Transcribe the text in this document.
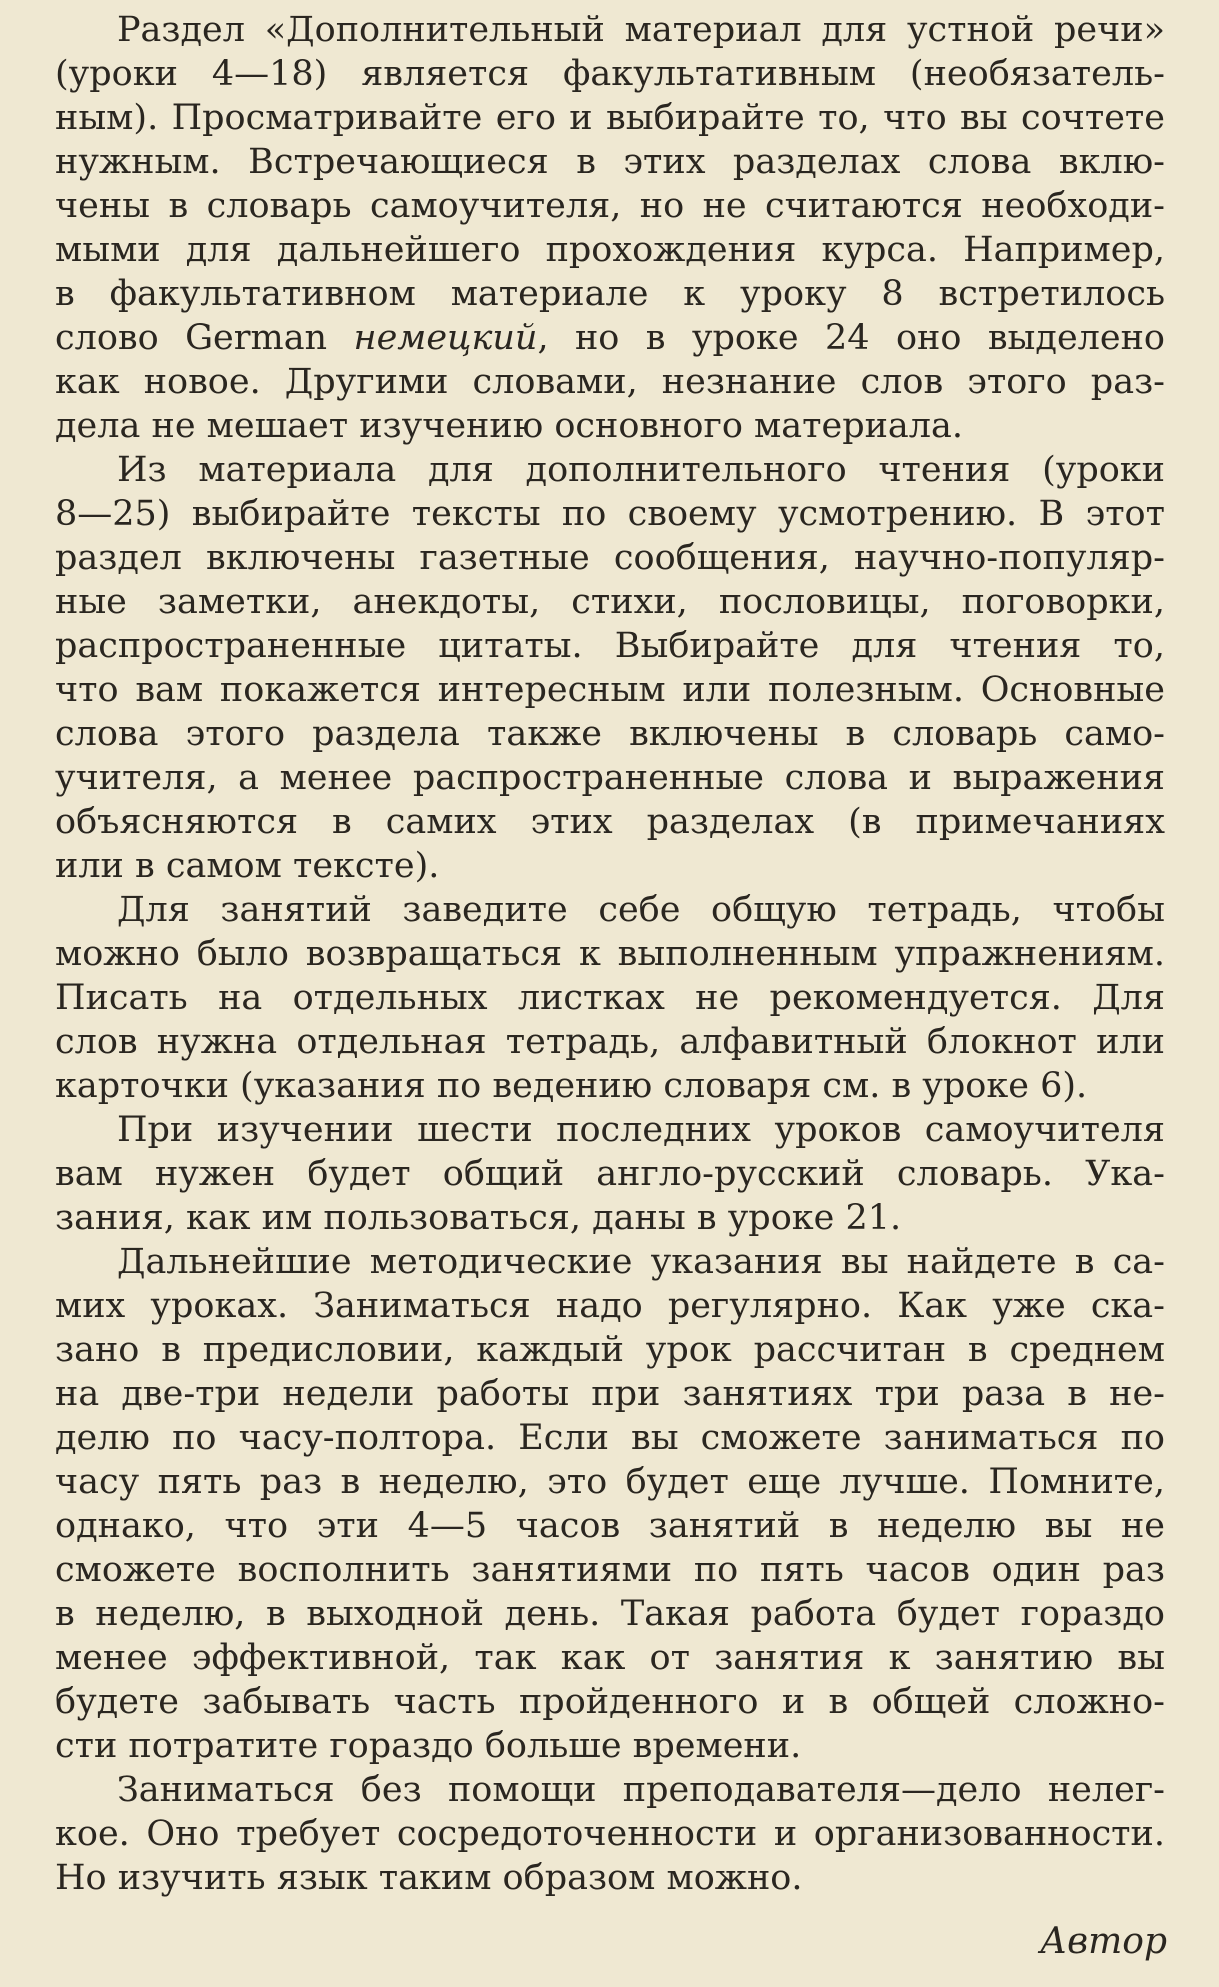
Раздел «Дополнительный материал для устной речи»
(уроки 4—18) является факультативным (необязатель-
ным). Просматривайте его и выбирайте то, что вы сочтете
нужным. Встречающиеся в этих разделах слова вклю-
чены в словарь самоучителя, но не считаются необходи-
мыми для дальнейшего прохождения курса. Например,
в факультативном материале к уроку 8 встретилось
слово German немецкий, но в уроке 24 оно выделено
как новое. Другими словами, незнание слов этого раз-
дела не мешает изучению основного материала.
Из материала для дополнительного чтения (уроки
8—25) выбирайте тексты по своему усмотрению. В этот
раздел включены газетные сообщения, научно-популяр-
ные заметки, анекдоты, стихи, пословицы, поговорки,
распространенные цитаты. Выбирайте для чтения то,
что вам покажется интересным или полезным. Основные
слова этого раздела также включены в словарь само-
учителя, а менее распространенные слова и выражения
объясняются в самих этих разделах (в примечаниях
или в самом тексте).
Для занятий заведите себе общую тетрадь, чтобы
можно было возвращаться к выполненным упражнениям.
Писать на отдельных листках не рекомендуется. Для
слов нужна отдельная тетрадь, алфавитный блокнот или
карточки (указания по ведению словаря см. в уроке 6).
При изучении шести последних уроков самоучителя
вам нужен будет общий англо-русский словарь. Ука-
зания, как им пользоваться, даны в уроке 21.
Дальнейшие методические указания вы найдете в са-
мих уроках. Заниматься надо регулярно. Как уже ска-
зано в предисловии, каждый урок рассчитан в среднем
на две-три недели работы при занятиях три раза в не-
делю по часу-полтора. Если вы сможете заниматься по
часу пять раз в неделю, это будет еще лучше. Помните,
однако, что эти 4—5 часов занятий в неделю вы не
сможете восполнить занятиями по пять часов один раз
в неделю, в выходной день. Такая работа будет гораздо
менее эффективной, так как от занятия к занятию вы
будете забывать часть пройденного и в общей сложно-
сти потратите гораздо больше времени.
Заниматься без помощи преподавателя—дело нелег-
кое. Оно требует сосредоточенности и организованности.
Но изучить язык таким образом можно.
Автор
